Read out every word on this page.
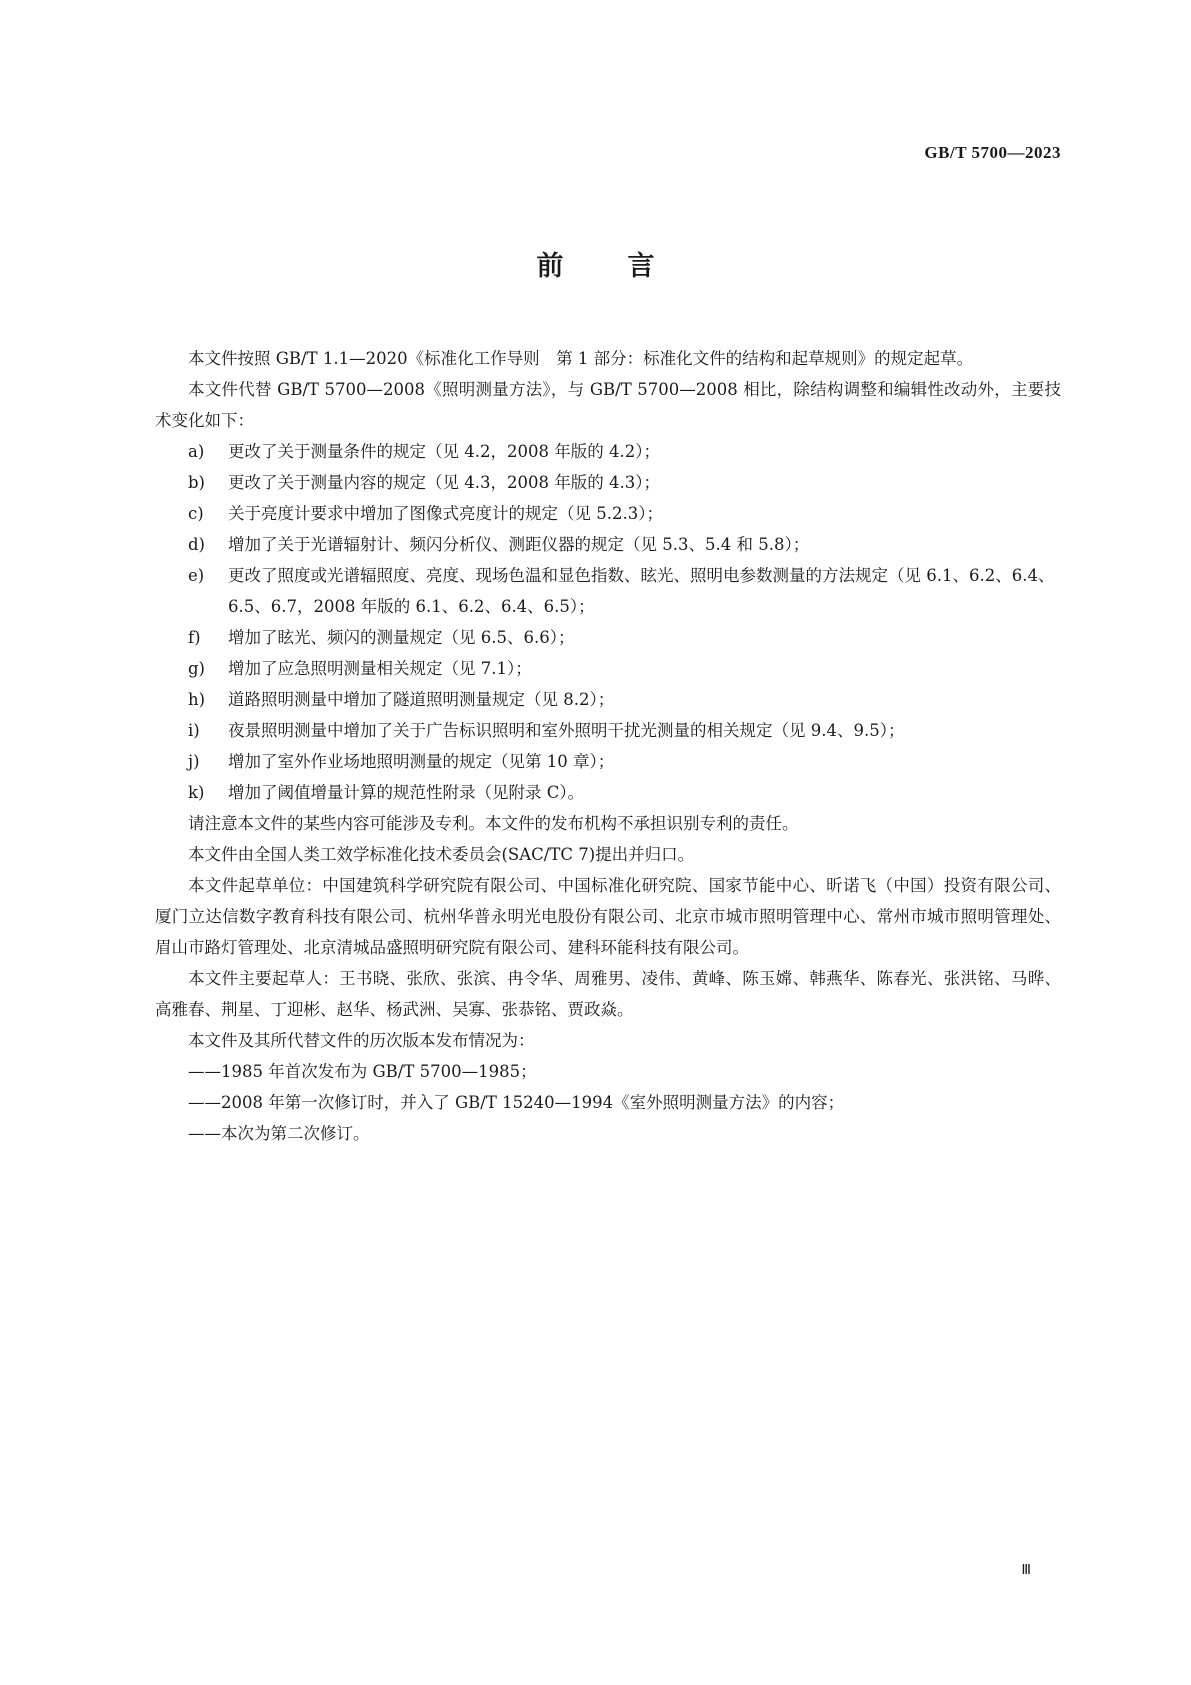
GB/T 5700—2023
前 言

本文件按照 GB/T 1.1—2020《标准化工作导则　第 1 部分：标准化文件的结构和起草规则》的规定起草。

本文件代替 GB/T 5700—2008《照明测量方法》，与 GB/T 5700—2008 相比，除结构调整和编辑性改动外，主要技术变化如下：

a)	更改了关于测量条件的规定（见 4.2，2008 年版的 4.2）；
b)	更改了关于测量内容的规定（见 4.3，2008 年版的 4.3）；
c)	关于亮度计要求中增加了图像式亮度计的规定（见 5.2.3）；
d)	增加了关于光谱辐射计、频闪分析仪、测距仪器的规定（见 5.3、5.4 和 5.8）；
e)	更改了照度或光谱辐照度、亮度、现场色温和显色指数、眩光、照明电参数测量的方法规定（见 6.1、6.2、6.4、6.5、6.7，2008 年版的 6.1、6.2、6.4、6.5）；
f)	增加了眩光、频闪的测量规定（见 6.5、6.6）；
g)	增加了应急照明测量相关规定（见 7.1）；
h)	道路照明测量中增加了隧道照明测量规定（见 8.2）；
i)	夜景照明测量中增加了关于广告标识照明和室外照明干扰光测量的相关规定（见 9.4、9.5）；
j)	增加了室外作业场地照明测量的规定（见第 10 章）；
k)	增加了阈值增量计算的规范性附录（见附录 C）。

请注意本文件的某些内容可能涉及专利。本文件的发布机构不承担识别专利的责任。

本文件由全国人类工效学标准化技术委员会(SAC/TC 7)提出并归口。

本文件起草单位：中国建筑科学研究院有限公司、中国标准化研究院、国家节能中心、昕诺飞（中国）投资有限公司、厦门立达信数字教育科技有限公司、杭州华普永明光电股份有限公司、北京市城市照明管理中心、常州市城市照明管理处、眉山市路灯管理处、北京清城品盛照明研究院有限公司、建科环能科技有限公司。

本文件主要起草人：王书晓、张欣、张滨、冉令华、周雅男、凌伟、黄峰、陈玉嫦、韩燕华、陈春光、张洪铭、马晔、高雅春、荆星、丁迎彬、赵华、杨武洲、吴寡、张恭铭、贾政焱。

本文件及其所代替文件的历次版本发布情况为：

——1985 年首次发布为 GB/T 5700—1985；

——2008 年第一次修订时，并入了 GB/T 15240—1994《室外照明测量方法》的内容；

——本次为第二次修订。

Ⅲ
